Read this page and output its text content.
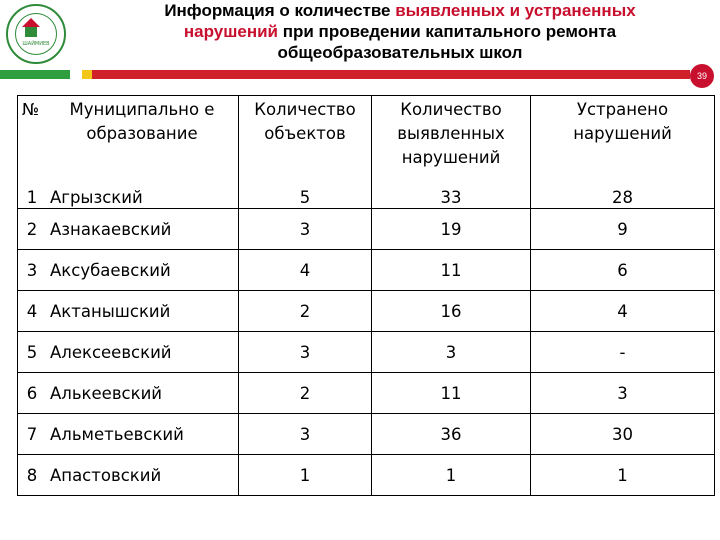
ШАЙМИЕВ
Информация о количестве выявленных и устраненных
нарушений при проведении капитального ремонта
общеобразовательных школ
39
№	Муниципально е образование	Количество объектов	Количество выявленных нарушений	Устранено нарушений
1	Агрызский	5	33	28
2	Азнакаевский	3	19	9
3	Аксубаевский	4	11	6
4	Актанышский	2	16	4
5	Алексеевский	3	3	-
6	Алькеевский	2	11	3
7	Альметьевский	3	36	30
8	Апастовский	1	1	1
